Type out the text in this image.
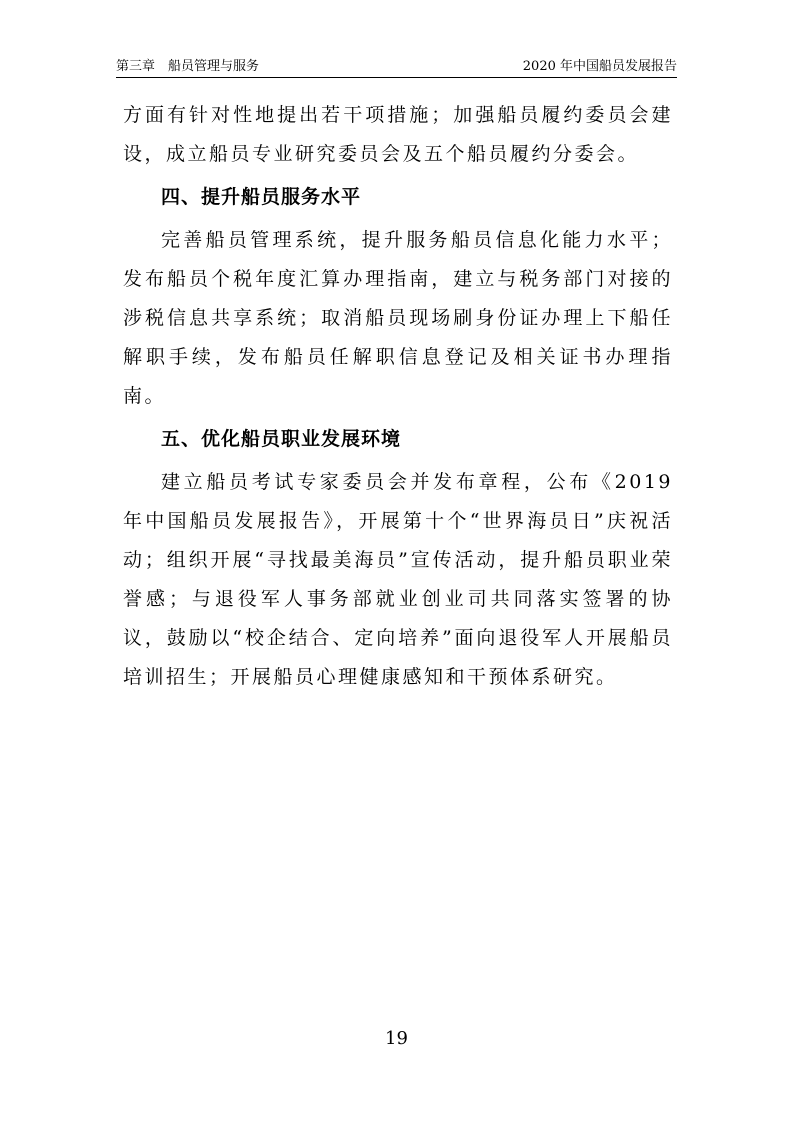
第三章　船员管理与服务	2020 年中国船员发展报告

方面有针对性地提出若干项措施；加强船员履约委员会建设，成立船员专业研究委员会及五个船员履约分委会。

四、提升船员服务水平

完善船员管理系统，提升服务船员信息化能力水平；发布船员个税年度汇算办理指南，建立与税务部门对接的涉税信息共享系统；取消船员现场刷身份证办理上下船任解职手续，发布船员任解职信息登记及相关证书办理指南。

五、优化船员职业发展环境

建立船员考试专家委员会并发布章程，公布《2019 年中国船员发展报告》，开展第十个“世界海员日”庆祝活动；组织开展“寻找最美海员”宣传活动，提升船员职业荣誉感；与退役军人事务部就业创业司共同落实签署的协议，鼓励以“校企结合、定向培养”面向退役军人开展船员培训招生；开展船员心理健康感知和干预体系研究。

19
